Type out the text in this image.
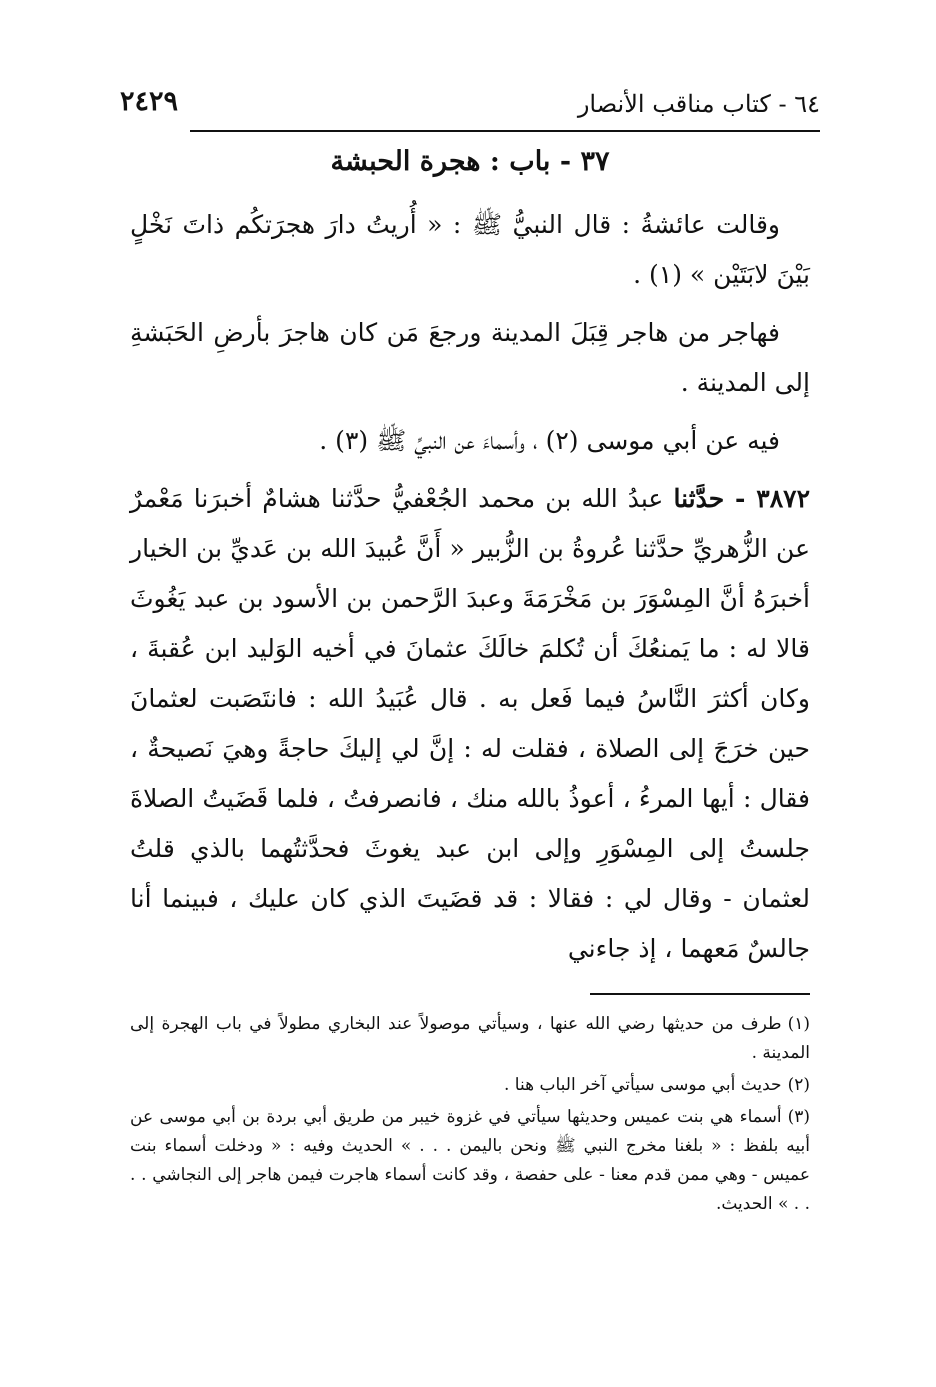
٦٤ - كتاب مناقب الأنصار
٢٤٢٩
٣٧ - باب : هجرة الحبشة

وقالت عائشةُ : قال النبيُّ ﷺ : « أُريتُ دارَ هجرَتكُم ذاتَ نَخْلٍ بَيْنَ لابَتَيْن » (١) .

فهاجر من هاجر قِبَلَ المدينة ورجعَ مَن كان هاجرَ بأرضِ الحَبَشةِ إلى المدينة .

فيه عن أبي موسى (٢) ، وأسماءَ عن النبيِّ ﷺ (٣) .

٣٨٧٢ - حدَّثنا عبدُ الله بن محمد الجُعْفيُّ حدَّثنا هشامٌ أخبرَنا مَعْمرٌ عن الزُّهريِّ حدَّثنا عُروةُ بن الزُّبير « أَنَّ عُبيدَ الله بن عَديِّ بن الخيار أخبرَهُ أنَّ المِسْوَرَ بن مَخْرَمَةَ وعبدَ الرَّحمن بن الأسود بن عبد يَغُوثَ قالا له : ما يَمنعُكَ أن تُكلمَ خالَكَ عثمانَ في أخيه الوَليد ابن عُقبةَ ، وكان أكثرَ النَّاسُ فيما فَعل به . قال عُبَيدُ الله : فانتَصَبت لعثمانَ حين خرَجَ إلى الصلاة ، فقلت له : إنَّ لي إليكَ حاجةً وهيَ نَصيحةٌ ، فقال : أيها المرءُ ، أعوذُ بالله منك ، فانصرفتُ ، فلما قَضَيتُ الصلاةَ جلستُ إلى المِسْوَرِ وإلى ابن عبد يغوثَ فحدَّثتُهما بالذي قلتُ لعثمان - وقال لي : فقالا : قد قضَيتَ الذي كان عليك ، فبينما أنا جالسٌ مَعهما ، إذ جاءني

(١)طرف من حديثها رضي الله عنها ، وسيأتي موصولاً عند البخاري مطولاً في باب الهجرة إلى المدينة .
(٢)حديث أبي موسى سيأتي آخر الباب هنا .
(٣)أسماء هي بنت عميس وحديثها سيأتي في غزوة خيبر من طريق أبي بردة بن أبي موسى عن أبيه بلفظ : « بلغنا مخرج النبي ﷺ ونحن باليمن . . . » الحديث وفيه : « ودخلت أسماء بنت عميس - وهي ممن قدم معنا - على حفصة ، وقد كانت أسماء هاجرت فيمن هاجر إلى النجاشي . . . . » الحديث.
